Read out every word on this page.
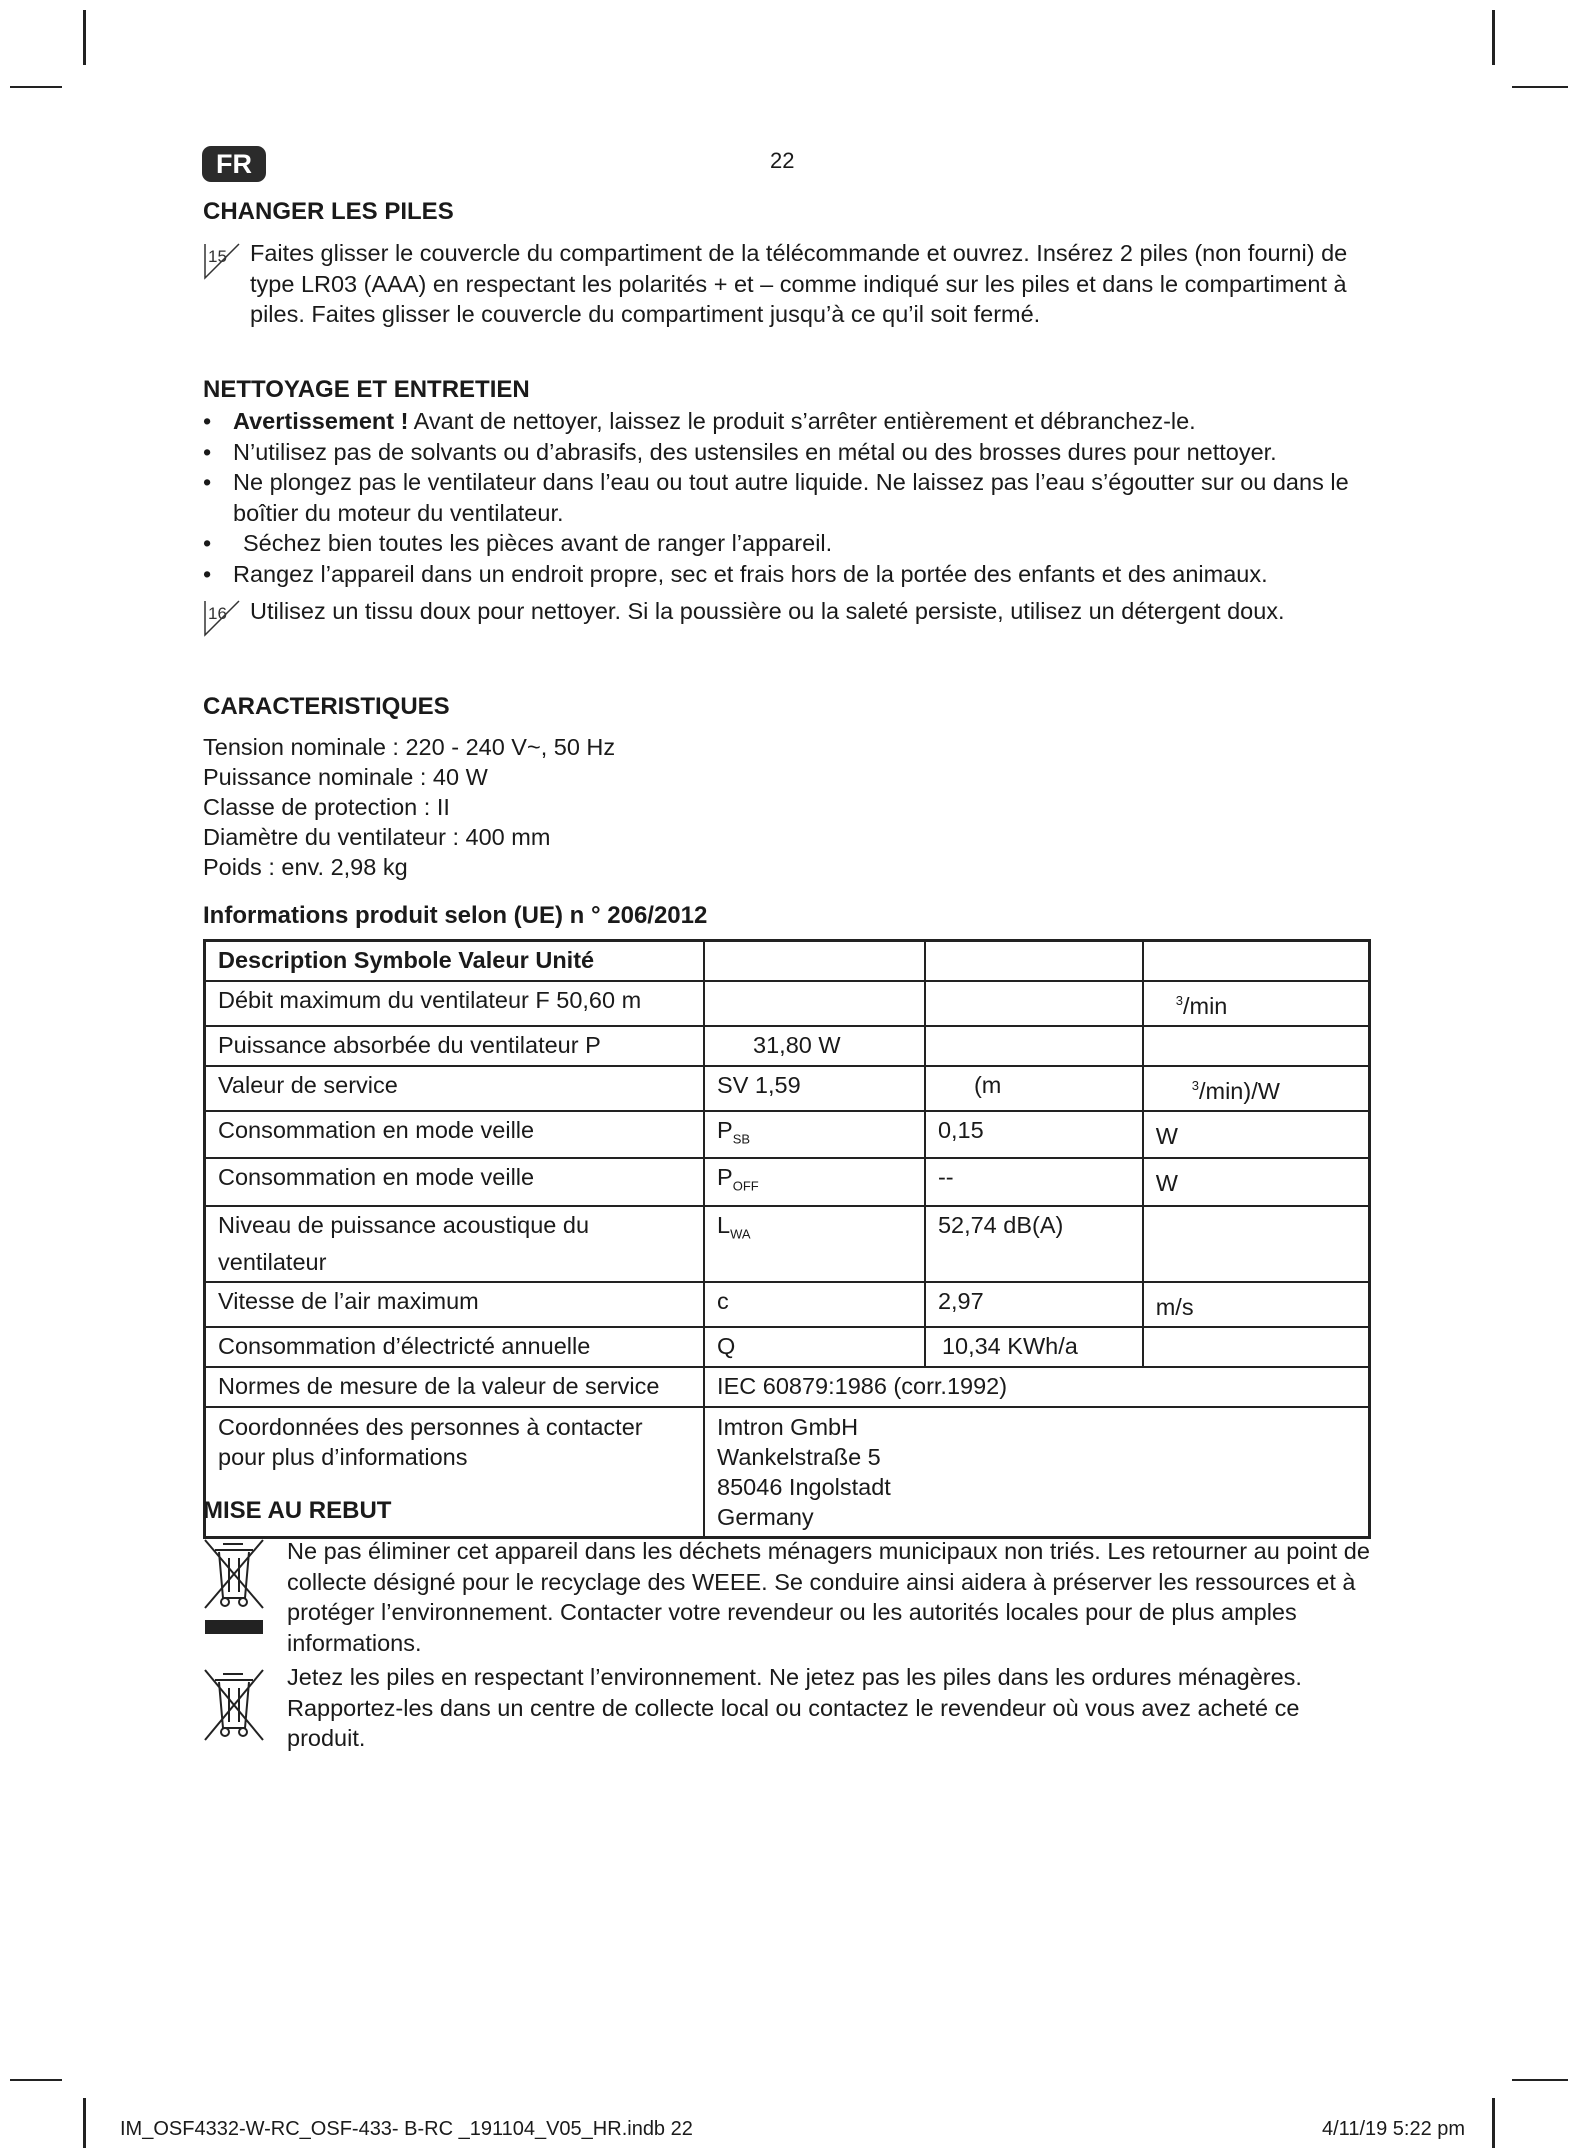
FR	22
CHANGER LES PILES
15 Faites glisser le couvercle du compartiment de la télécommande et ouvrez. Insérez 2 piles (non fourni) de type LR03 (AAA) en respectant les polarités + et – comme indiqué sur les piles et dans le compartiment à piles. Faites glisser le couvercle du compartiment jusqu’à ce qu’il soit fermé.
NETTOYAGE ET ENTRETIEN
• Avertissement ! Avant de nettoyer, laissez le produit s’arrêter entièrement et débranchez-le.
• N’utilisez pas de solvants ou d’abrasifs, des ustensiles en métal ou des brosses dures pour nettoyer.
• Ne plongez pas le ventilateur dans l’eau ou tout autre liquide. Ne laissez pas l’eau s’égoutter sur ou dans le boîtier du moteur du ventilateur.
• Séchez bien toutes les pièces avant de ranger l’appareil.
• Rangez l’appareil dans un endroit propre, sec et frais hors de la portée des enfants et des animaux.
16 Utilisez un tissu doux pour nettoyer. Si la poussière ou la saleté persiste, utilisez un détergent doux.
CARACTERISTIQUES
Tension nominale : 220 - 240 V~, 50 Hz
Puissance nominale : 40 W
Classe de protection : II
Diamètre du ventilateur : 400 mm
Poids : env. 2,98 kg
Informations produit selon (UE) n ° 206/2012
Description Symbole Valeur Unité			
Débit maximum du ventilateur F 50,60 m			$^3$/min
Puissance absorbée du ventilateur P	31,80 W		
Valeur de service	SV 1,59	(m	$^3$/min)/W
Consommation en mode veille	$P_{SB}$	0,15	W
Consommation en mode veille	$P_{OFF}$	--	W
Niveau de puissance acoustique du ventilateur	$L_{WA}$	52,74 dB(A)	
Vitesse de l’air maximum	c	2,97	m/s
Consommation d’électricté annuelle	Q	10,34 KWh/a	
Normes de mesure de la valeur de service	IEC 60879:1986 (corr.1992)		
Coordonnées des personnes à contacter pour plus d’informations	Imtron GmbH
Wankelstraße 5
85046 Ingolstadt
Germany		
MISE AU REBUT
Ne pas éliminer cet appareil dans les déchets ménagers municipaux non triés. Les retourner au point de collecte désigné pour le recyclage des WEEE. Se conduire ainsi aidera à préserver les ressources et à protéger l’environnement. Contacter votre revendeur ou les autorités locales pour de plus amples informations.
Jetez les piles en respectant l’environnement. Ne jetez pas les piles dans les ordures ménagères. Rapportez-les dans un centre de collecte local ou contactez le revendeur où vous avez acheté ce produit.
IM_OSF4332-W-RC_OSF-433- B-RC _191104_V05_HR.indb 22	4/11/19 5:22 pm
